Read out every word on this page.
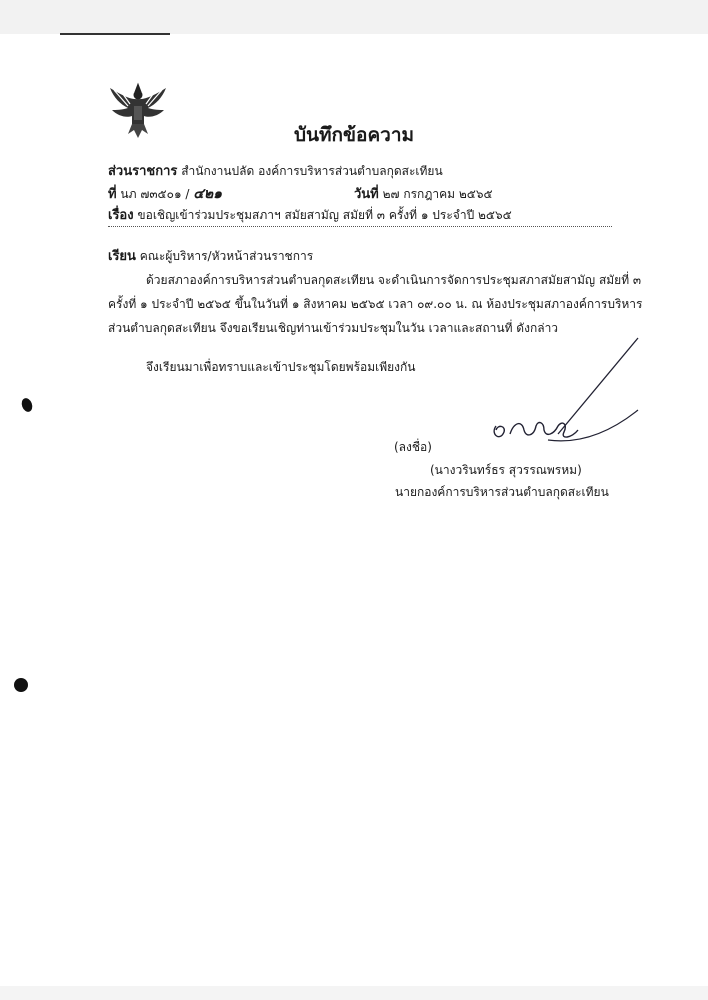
บันทึกข้อความ
ส่วนราชการ สำนักงานปลัด องค์การบริหารส่วนตำบลกุดสะเทียน
ที่ นภ ๗๓๕๐๑ / ๔๒๑	วันที่ ๒๗ กรกฎาคม ๒๕๖๕
เรื่อง ขอเชิญเข้าร่วมประชุมสภาฯ สมัยสามัญ สมัยที่ ๓ ครั้งที่ ๑ ประจำปี ๒๕๖๕
เรียน คณะผู้บริหาร/หัวหน้าส่วนราชการ
ด้วยสภาองค์การบริหารส่วนตำบลกุดสะเทียน จะดำเนินการจัดการประชุมสภาสมัยสามัญ สมัยที่ ๓ ครั้งที่ ๑ ประจำปี ๒๕๖๕ ขึ้นในวันที่ ๑ สิงหาคม ๒๕๖๕ เวลา ๐๙.๐๐ น. ณ ห้องประชุมสภาองค์การบริหารส่วนตำบลกุดสะเทียน จึงขอเรียนเชิญท่านเข้าร่วมประชุมในวัน เวลาและสถานที่ ดังกล่าว
จึงเรียนมาเพื่อทราบและเข้าประชุมโดยพร้อมเพียงกัน
(ลงชื่อ)
(นางวรินทร์ธร สุวรรณพรหม)
นายกองค์การบริหารส่วนตำบลกุดสะเทียน
